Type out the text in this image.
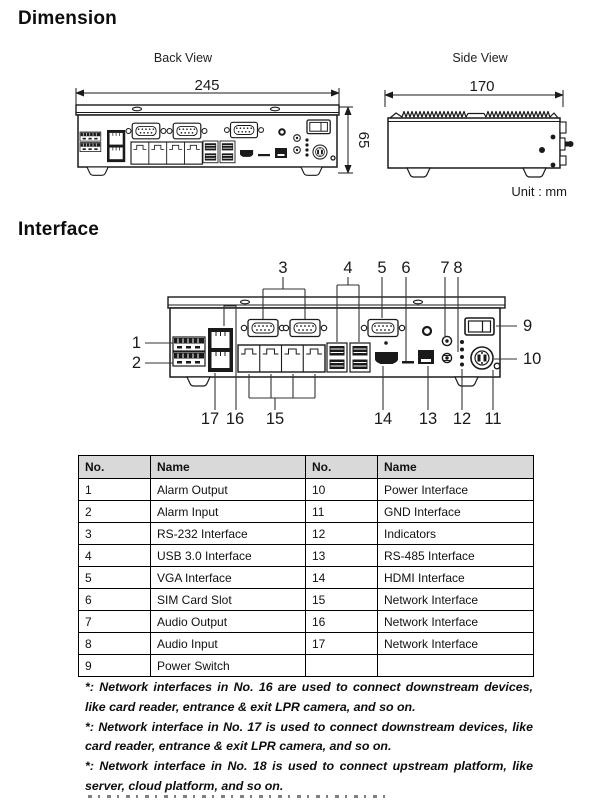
Dimension
Back View	Side View
245
65
170
Unit : mm
Interface
1
2
3	4 5 6 7 8
9
10
11
12
13
14
15
16
17
No.	Name	No.	Name
1	Alarm Output	10	Power Interface
2	Alarm Input	11	GND Interface
3	RS-232 Interface	12	Indicators
4	USB 3.0 Interface	13	RS-485 Interface
5	VGA Interface	14	HDMI Interface
6	SIM Card Slot	15	Network Interface
7	Audio Output	16	Network Interface
8	Audio Input	17	Network Interface
9	Power Switch		

*: Network interfaces in No. 16 are used to connect downstream devices, like card reader, entrance & exit LPR camera, and so on.

*: Network interface in No. 17 is used to connect downstream devices, like card reader, entrance & exit LPR camera, and so on.

*: Network interface in No. 18 is used to connect upstream platform, like server, cloud platform, and so on.
